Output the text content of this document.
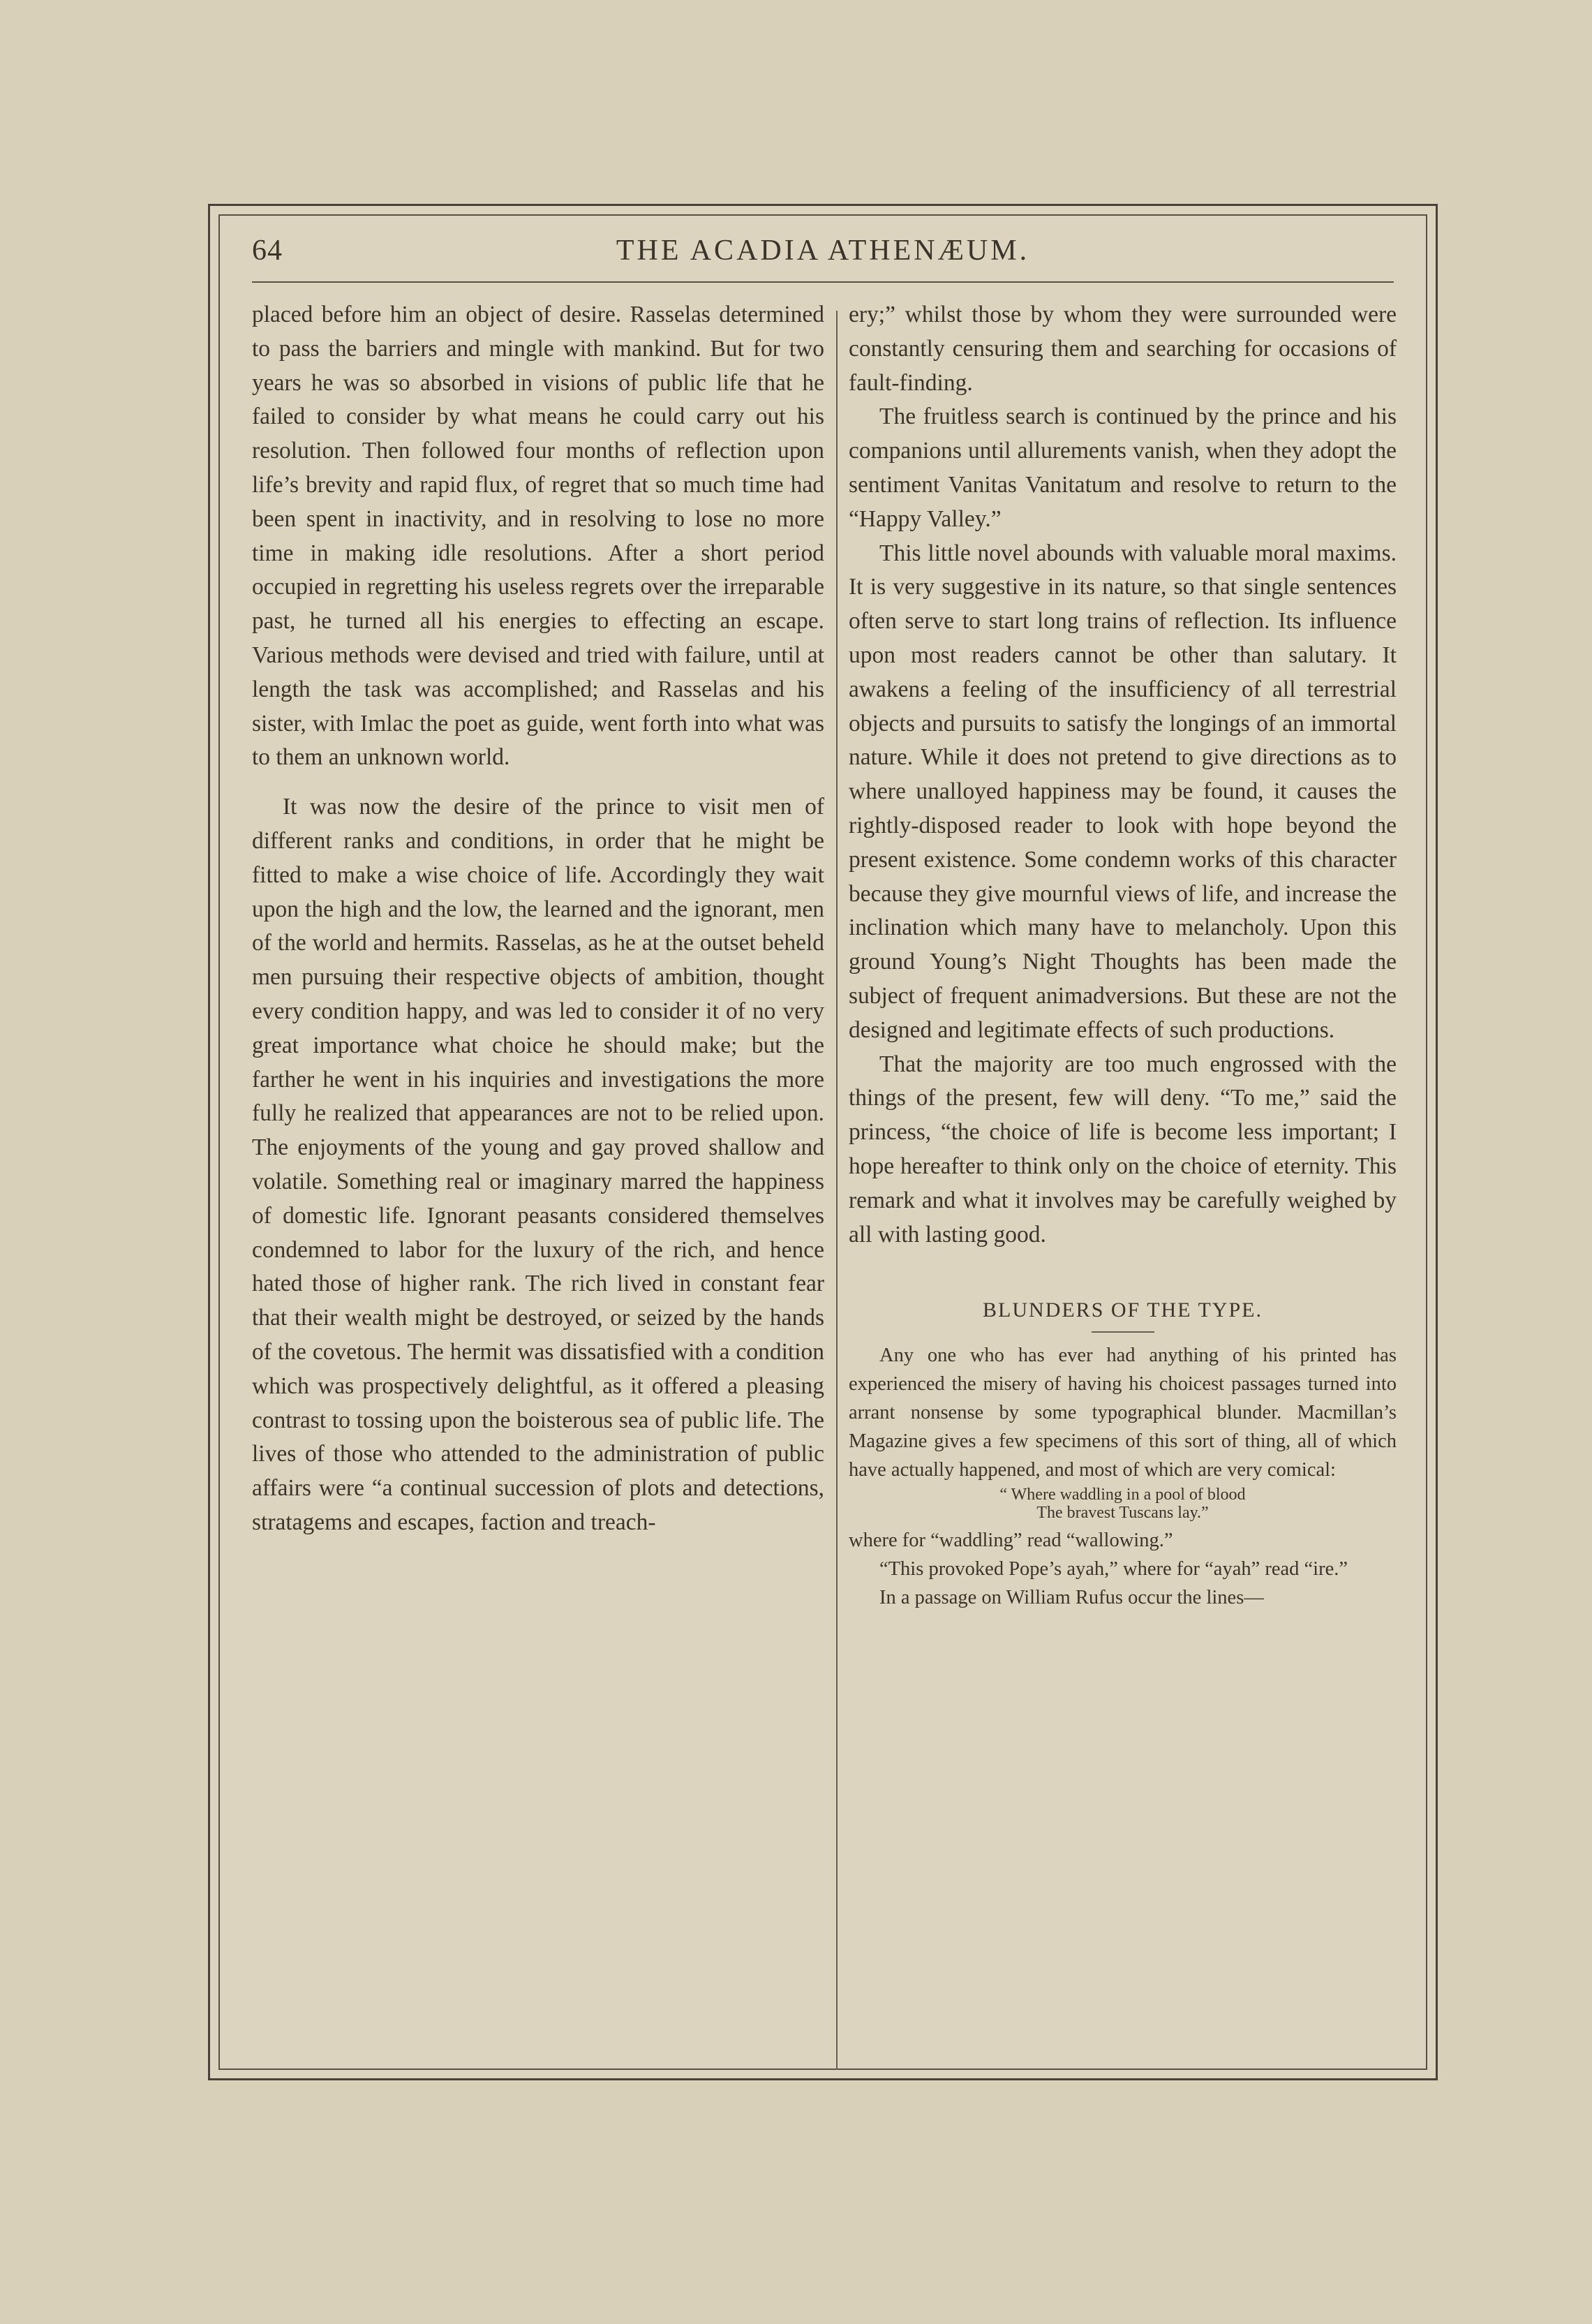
64	THE ACADIA ATHENÆUM.

placed before him an object of desire. Rasselas determined to pass the barriers and mingle with mankind. But for two years he was so absorbed in visions of public life that he failed to consider by what means he could carry out his resolution. Then followed four months of reflection upon life’s brevity and rapid flux, of regret that so much time had been spent in inactivity, and in resolving to lose no more time in making idle resolutions. After a short period occupied in regretting his useless regrets over the irreparable past, he turned all his energies to effecting an escape. Various methods were devised and tried with failure, until at length the task was accomplished; and Rasselas and his sister, with Imlac the poet as guide, went forth into what was to them an unknown world.

It was now the desire of the prince to visit men of different ranks and conditions, in order that he might be fitted to make a wise choice of life. Accordingly they wait upon the high and the low, the learned and the ignorant, men of the world and hermits. Rasselas, as he at the outset beheld men pursuing their respective objects of ambition, thought every condition happy, and was led to consider it of no very great importance what choice he should make; but the farther he went in his inquiries and investigations the more fully he realized that appearances are not to be relied upon. The enjoyments of the young and gay proved shallow and volatile. Something real or imaginary marred the happiness of domestic life. Ignorant peasants considered themselves condemned to labor for the luxury of the rich, and hence hated those of higher rank. The rich lived in constant fear that their wealth might be destroyed, or seized by the hands of the covetous. The hermit was dissatisfied with a condition which was prospectively delightful, as it offered a pleasing contrast to tossing upon the boisterous sea of public life. The lives of those who attended to the administration of public affairs were “a continual succession of plots and detections, stratagems and escapes, faction and treach-

ery;” whilst those by whom they were surrounded were constantly censuring them and searching for occasions of fault-finding.

The fruitless search is continued by the prince and his companions until allurements vanish, when they adopt the sentiment Vanitas Vanitatum and resolve to return to the “Happy Valley.”

This little novel abounds with valuable moral maxims. It is very suggestive in its nature, so that single sentences often serve to start long trains of reflection. Its influence upon most readers cannot be other than salutary. It awakens a feeling of the insufficiency of all terrestrial objects and pursuits to satisfy the longings of an immortal nature. While it does not pretend to give directions as to where unalloyed happiness may be found, it causes the rightly-disposed reader to look with hope beyond the present existence. Some condemn works of this character because they give mournful views of life, and increase the inclination which many have to melancholy. Upon this ground Young’s Night Thoughts has been made the subject of frequent animadversions. But these are not the designed and legitimate effects of such productions.

That the majority are too much engrossed with the things of the present, few will deny. “To me,” said the princess, “the choice of life is become less important; I hope hereafter to think only on the choice of eternity. This remark and what it involves may be carefully weighed by all with lasting good.

BLUNDERS OF THE TYPE.

Any one who has ever had anything of his printed has experienced the misery of having his choicest passages turned into arrant nonsense by some typographical blunder. Macmillan’s Magazine gives a few specimens of this sort of thing, all of which have actually happened, and most of which are very comical:

“ Where waddling in a pool of blood
The bravest Tuscans lay.”

where for “waddling” read “wallowing.”

“This provoked Pope’s ayah,” where for “ayah” read “ire.”

In a passage on William Rufus occur the lines—
